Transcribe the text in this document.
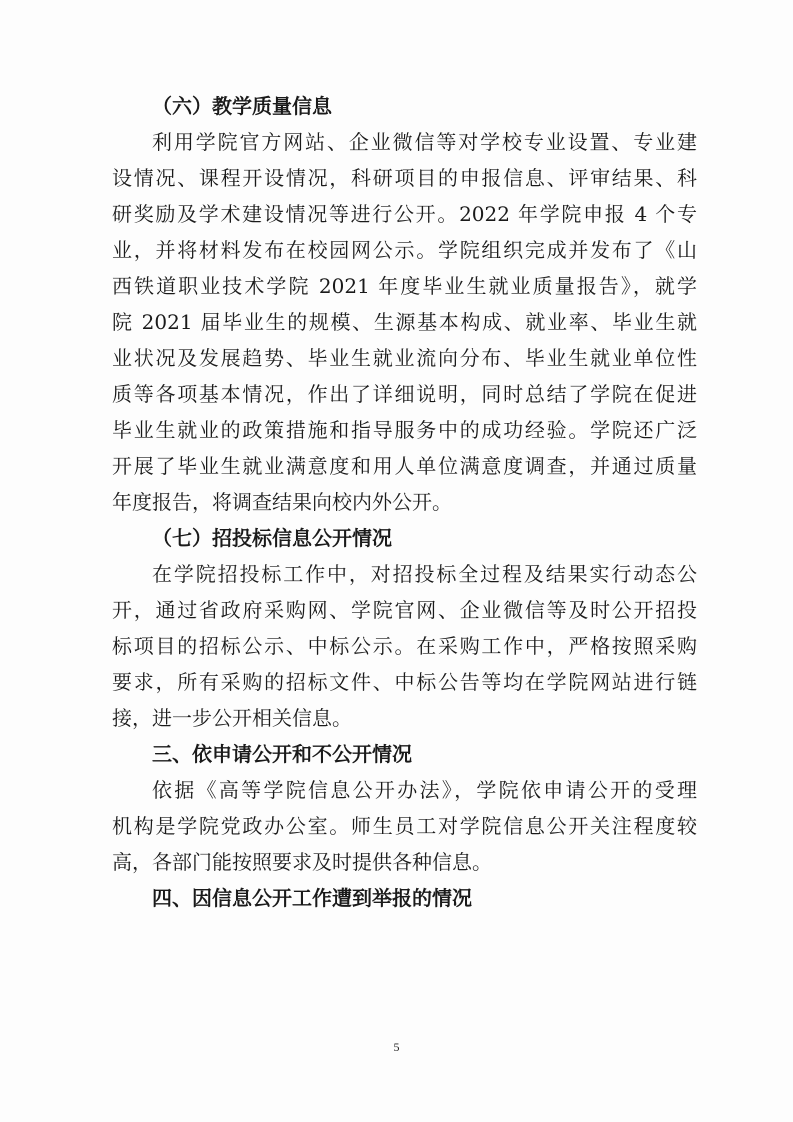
（六）教学质量信息
利用学院官方网站、企业微信等对学校专业设置、专业建
设情况、课程开设情况，科研项目的申报信息、评审结果、科
研奖励及学术建设情况等进行公开。2022 年学院申报 4 个专
业，并将材料发布在校园网公示。学院组织完成并发布了《山
西铁道职业技术学院 2021 年度毕业生就业质量报告》，就学
院 2021 届毕业生的规模、生源基本构成、就业率、毕业生就
业状况及发展趋势、毕业生就业流向分布、毕业生就业单位性
质等各项基本情况，作出了详细说明，同时总结了学院在促进
毕业生就业的政策措施和指导服务中的成功经验。学院还广泛
开展了毕业生就业满意度和用人单位满意度调查，并通过质量
年度报告，将调查结果向校内外公开。
（七）招投标信息公开情况
在学院招投标工作中，对招投标全过程及结果实行动态公
开，通过省政府采购网、学院官网、企业微信等及时公开招投
标项目的招标公示、中标公示。在采购工作中，严格按照采购
要求，所有采购的招标文件、中标公告等均在学院网站进行链
接，进一步公开相关信息。
三、依申请公开和不公开情况
依据《高等学院信息公开办法》，学院依申请公开的受理
机构是学院党政办公室。师生员工对学院信息公开关注程度较
高，各部门能按照要求及时提供各种信息。
四、因信息公开工作遭到举报的情况
5
